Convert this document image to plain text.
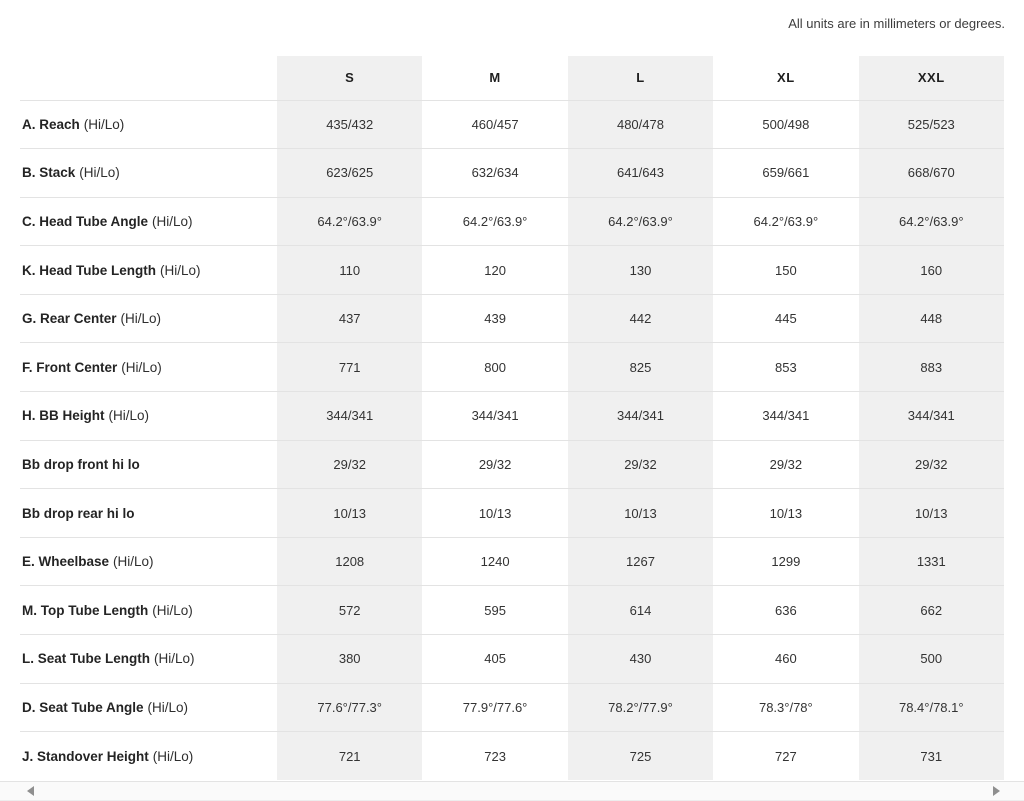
All units are in millimeters or degrees.
	S	M	L	XL	XXL
A. Reach (Hi/Lo)	435/432	460/457	480/478	500/498	525/523
B. Stack (Hi/Lo)	623/625	632/634	641/643	659/661	668/670
C. Head Tube Angle (Hi/Lo)	64.2°/63.9°	64.2°/63.9°	64.2°/63.9°	64.2°/63.9°	64.2°/63.9°
K. Head Tube Length (Hi/Lo)	110	120	130	150	160
G. Rear Center (Hi/Lo)	437	439	442	445	448
F. Front Center (Hi/Lo)	771	800	825	853	883
H. BB Height (Hi/Lo)	344/341	344/341	344/341	344/341	344/341
Bb drop front hi lo	29/32	29/32	29/32	29/32	29/32
Bb drop rear hi lo	10/13	10/13	10/13	10/13	10/13
E. Wheelbase (Hi/Lo)	1208	1240	1267	1299	1331
M. Top Tube Length (Hi/Lo)	572	595	614	636	662
L. Seat Tube Length (Hi/Lo)	380	405	430	460	500
D. Seat Tube Angle (Hi/Lo)	77.6°/77.3°	77.9°/77.6°	78.2°/77.9°	78.3°/78°	78.4°/78.1°
J. Standover Height (Hi/Lo)	721	723	725	727	731
